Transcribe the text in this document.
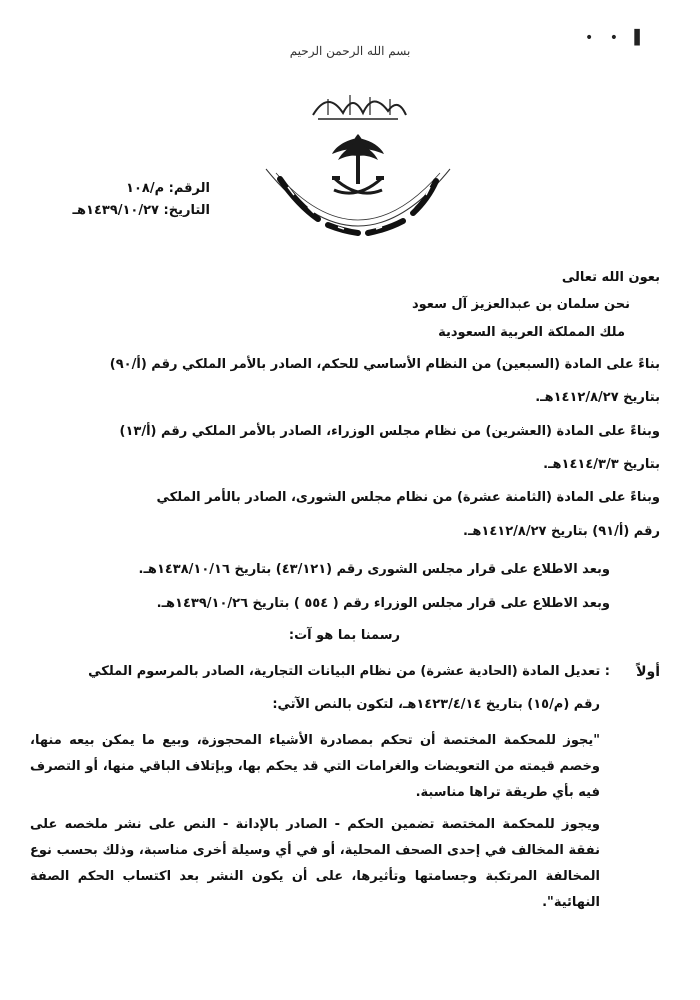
• • ▌
بسم الله الرحمن الرحيم
الرقم: م/١٠٨
التاريخ: ١٤٣٩/١٠/٢٧هـ
بعون الله تعالى
نحن سلمان بن عبدالعزيز آل سعود
ملك المملكة العربية السعودية
بناءً على المادة (السبعين) من النظام الأساسي للحكم، الصادر بالأمر الملكي رقم (أ/٩٠)
بتاريخ ١٤١٢/٨/٢٧هـ.
وبناءً على المادة (العشرين) من نظام مجلس الوزراء، الصادر بالأمر الملكي رقم (أ/١٣)
بتاريخ ١٤١٤/٣/٣هـ.
وبناءً على المادة (الثامنة عشرة) من نظام مجلس الشورى، الصادر بالأمر الملكي
رقم (أ/٩١) بتاريخ ١٤١٢/٨/٢٧هـ.
وبعد الاطلاع على قرار مجلس الشورى رقم (٤٣/١٢١) بتاريخ ١٤٣٨/١٠/١٦هـ.
وبعد الاطلاع على قرار مجلس الوزراء رقم ( ٥٥٤ ) بتاريخ ١٤٣٩/١٠/٢٦هـ.
رسمنا بما هو آت:
أولاً
: تعديل المادة (الحادية عشرة) من نظام البيانات التجارية، الصادر بالمرسوم الملكي
رقم (م/١٥) بتاريخ ١٤٢٣/٤/١٤هـ، لتكون بالنص الآتي:

"يجوز للمحكمة المختصة أن تحكم بمصادرة الأشياء المحجوزة، وبيع ما يمكن بيعه منها، وخصم قيمته من التعويضات والغرامات التي قد يحكم بها، وبإتلاف الباقي منها، أو التصرف فيه بأي طريقة تراها مناسبة.

ويجوز للمحكمة المختصة تضمين الحكم - الصادر بالإدانة - النص على نشر ملخصه على نفقة المخالف في إحدى الصحف المحلية، أو في أي وسيلة أخرى مناسبة، وذلك بحسب نوع المخالفة المرتكبة وجسامتها وتأثيرها، على أن يكون النشر بعد اكتساب الحكم الصفة النهائية".
